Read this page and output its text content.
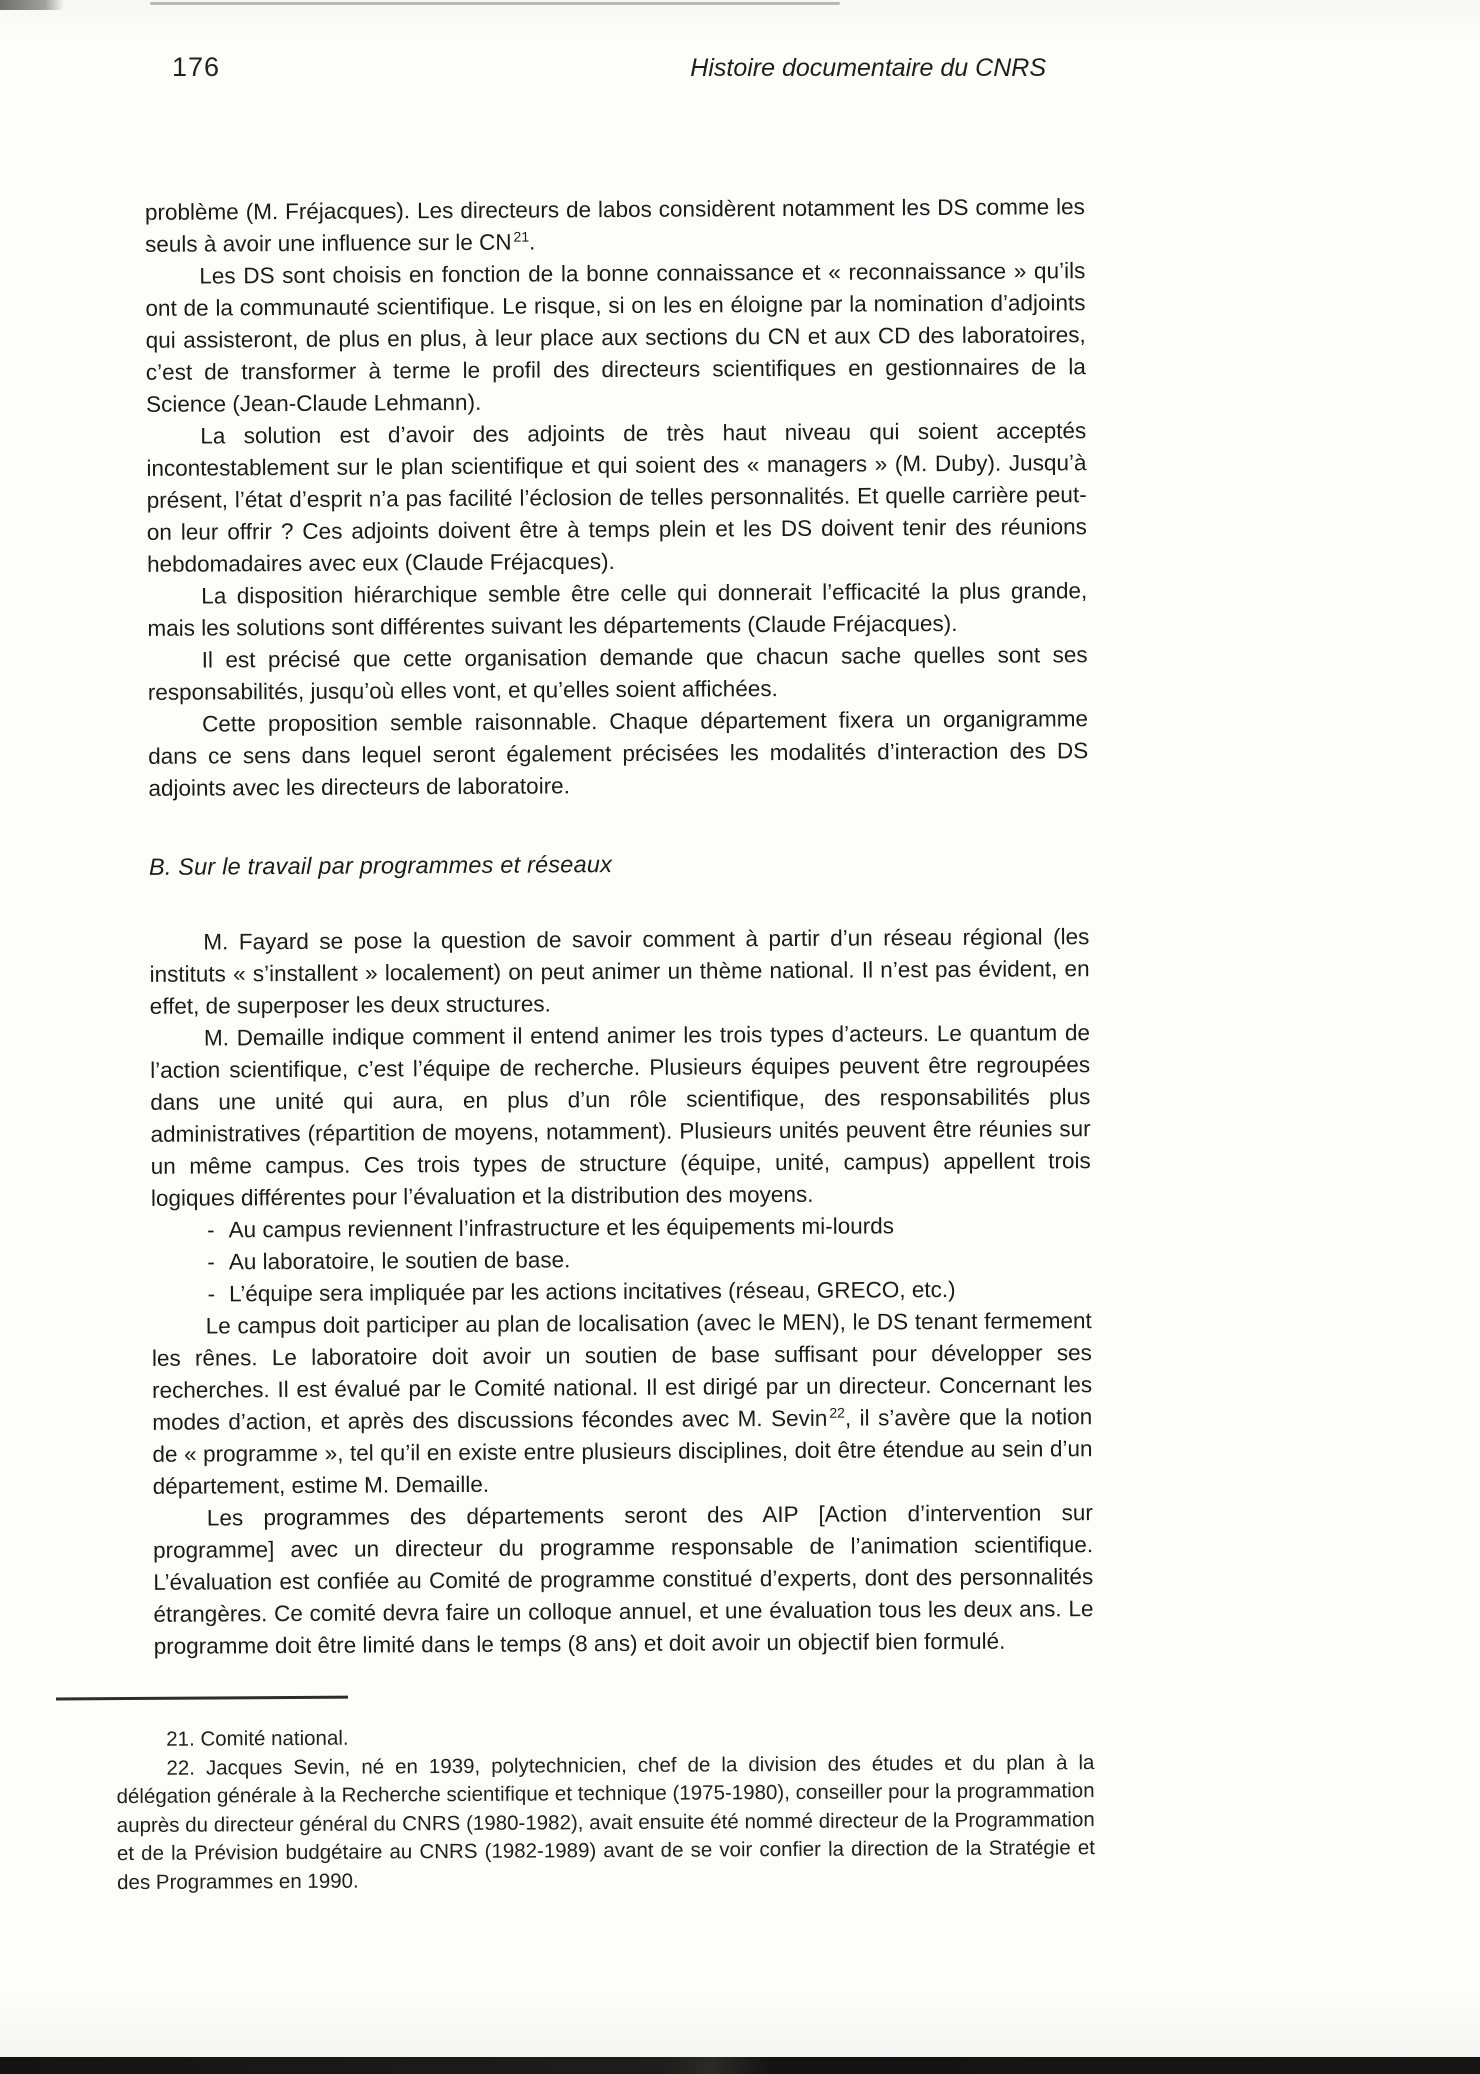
176	Histoire documentaire du CNRS

problème (M. Fréjacques). Les directeurs de labos considèrent notamment les DS comme les seuls à avoir une influence sur le CN $^{21}$.

Les DS sont choisis en fonction de la bonne connaissance et « reconnaissance » qu’ils ont de la communauté scientifique. Le risque, si on les en éloigne par la nomination d’adjoints qui assisteront, de plus en plus, à leur place aux sections du CN et aux CD des laboratoires, c’est de transformer à terme le profil des directeurs scientifiques en gestionnaires de la Science (Jean-Claude Lehmann).

La solution est d’avoir des adjoints de très haut niveau qui soient acceptés incontestablement sur le plan scientifique et qui soient des « managers » (M. Duby). Jusqu’à présent, l’état d’esprit n’a pas facilité l’éclosion de telles personnalités. Et quelle carrière peut-on leur offrir ? Ces adjoints doivent être à temps plein et les DS doivent tenir des réunions hebdomadaires avec eux (Claude Fréjacques).

La disposition hiérarchique semble être celle qui donnerait l’efficacité la plus grande, mais les solutions sont différentes suivant les départements (Claude Fréjacques).

Il est précisé que cette organisation demande que chacun sache quelles sont ses responsabilités, jusqu’où elles vont, et qu’elles soient affichées.

Cette proposition semble raisonnable. Chaque département fixera un organigramme dans ce sens dans lequel seront également précisées les modalités d’interaction des DS adjoints avec les directeurs de laboratoire.

B. Sur le travail par programmes et réseaux

M. Fayard se pose la question de savoir comment à partir d’un réseau régional (les instituts « s’installent » localement) on peut animer un thème national. Il n’est pas évident, en effet, de superposer les deux structures.

M. Demaille indique comment il entend animer les trois types d’acteurs. Le quantum de l’action scientifique, c’est l’équipe de recherche. Plusieurs équipes peuvent être regroupées dans une unité qui aura, en plus d’un rôle scientifique, des responsabilités plus administratives (répartition de moyens, notamment). Plusieurs unités peuvent être réunies sur un même campus. Ces trois types de structure (équipe, unité, campus) appellent trois logiques différentes pour l’évaluation et la distribution des moyens.

- Au campus reviennent l’infrastructure et les équipements mi-lourds

- Au laboratoire, le soutien de base.

- L’équipe sera impliquée par les actions incitatives (réseau, GRECO, etc.)

Le campus doit participer au plan de localisation (avec le MEN), le DS tenant fermement les rênes. Le laboratoire doit avoir un soutien de base suffisant pour développer ses recherches. Il est évalué par le Comité national. Il est dirigé par un directeur. Concernant les modes d’action, et après des discussions fécondes avec M. Sevin $^{22}$, il s’avère que la notion de « programme », tel qu’il en existe entre plusieurs disciplines, doit être étendue au sein d’un département, estime M. Demaille.

Les programmes des départements seront des AIP [Action d’intervention sur programme] avec un directeur du programme responsable de l’animation scientifique. L’évaluation est confiée au Comité de programme constitué d’experts, dont des personnalités étrangères. Ce comité devra faire un colloque annuel, et une évaluation tous les deux ans. Le programme doit être limité dans le temps (8 ans) et doit avoir un objectif bien formulé.

21. Comité national.

22. Jacques Sevin, né en 1939, polytechnicien, chef de la division des études et du plan à la délégation générale à la Recherche scientifique et technique (1975-1980), conseiller pour la programmation auprès du directeur général du CNRS (1980-1982), avait ensuite été nommé directeur de la Programmation et de la Prévision budgétaire au CNRS (1982-1989) avant de se voir confier la direction de la Stratégie et des Programmes en 1990.
